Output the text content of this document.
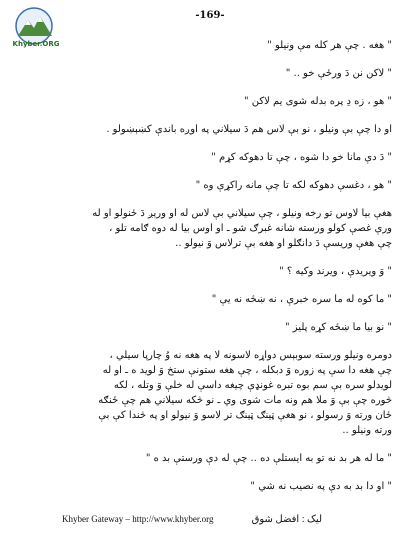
Khyber.ORG
-169-

" هغه . چې هر کله مې ونيلو "

" لاکن نن دَ ورځې خو .. "

" هو ، زه دِ پره بدله شوی يم لاکن "

او دا چې بې ونيلو ، نو بې لاس هم دَ سيلاني په اوږه باندې کښېښولو .

" دَ دې مانا خو دا شوه ، چې تا دهوکه کړم "

" هو ، دغسې دهوکه لکه تا چې مانه راکړې وه "

هغې بيا لاوس تو رخه ونيلو ، چې سيلاني بې لاس له او ورېږ دَ ځنولو او له ورې غصې کولو ورسته شانه غبرګ شو ـ او اوس بيا له دوه ګامه تلو ، چې هغې وريسې دَ دانګلو او هغه بې ترلاس وَ نيولو ..

" وَ ويريدې ، ويرند وکيه ؟ "

" ما کوه له ما سره خبرې ، نه ښځه نه يې "

" نو بيا ما ښځه کړه پليز "

دومره ونيلو ورسته سوبېس دواړه لاسونه لا په هغه نه وُ چارپا سيلي ، چې هغه دا سې په زوره وَ دبکله ، چې هغه ستونې ستخ وَ لويد ه ـ او له لويدلو سره بې سم بوه تبره غونډې چيغه داسې له خلې وَ وتله ، لکه څوره چې بې وَ ملا هم ونه مات شوی وي ـ نو څکه سيلاني هم چې ځنګه ځان ورته وَ رسولو ، نو هغې ټينګ ټينګ تر لاسو وَ نيولو او په څندا کې بې ورته ونيلو ..

" ما له هر بد نه تو به ايستلې ده .. چې له دې ورستې بد ه "

" او دا بد به دې په نصيب نه شي "

Khyber Gateway – http://www.khyber.org	ليک : افضل شوق
